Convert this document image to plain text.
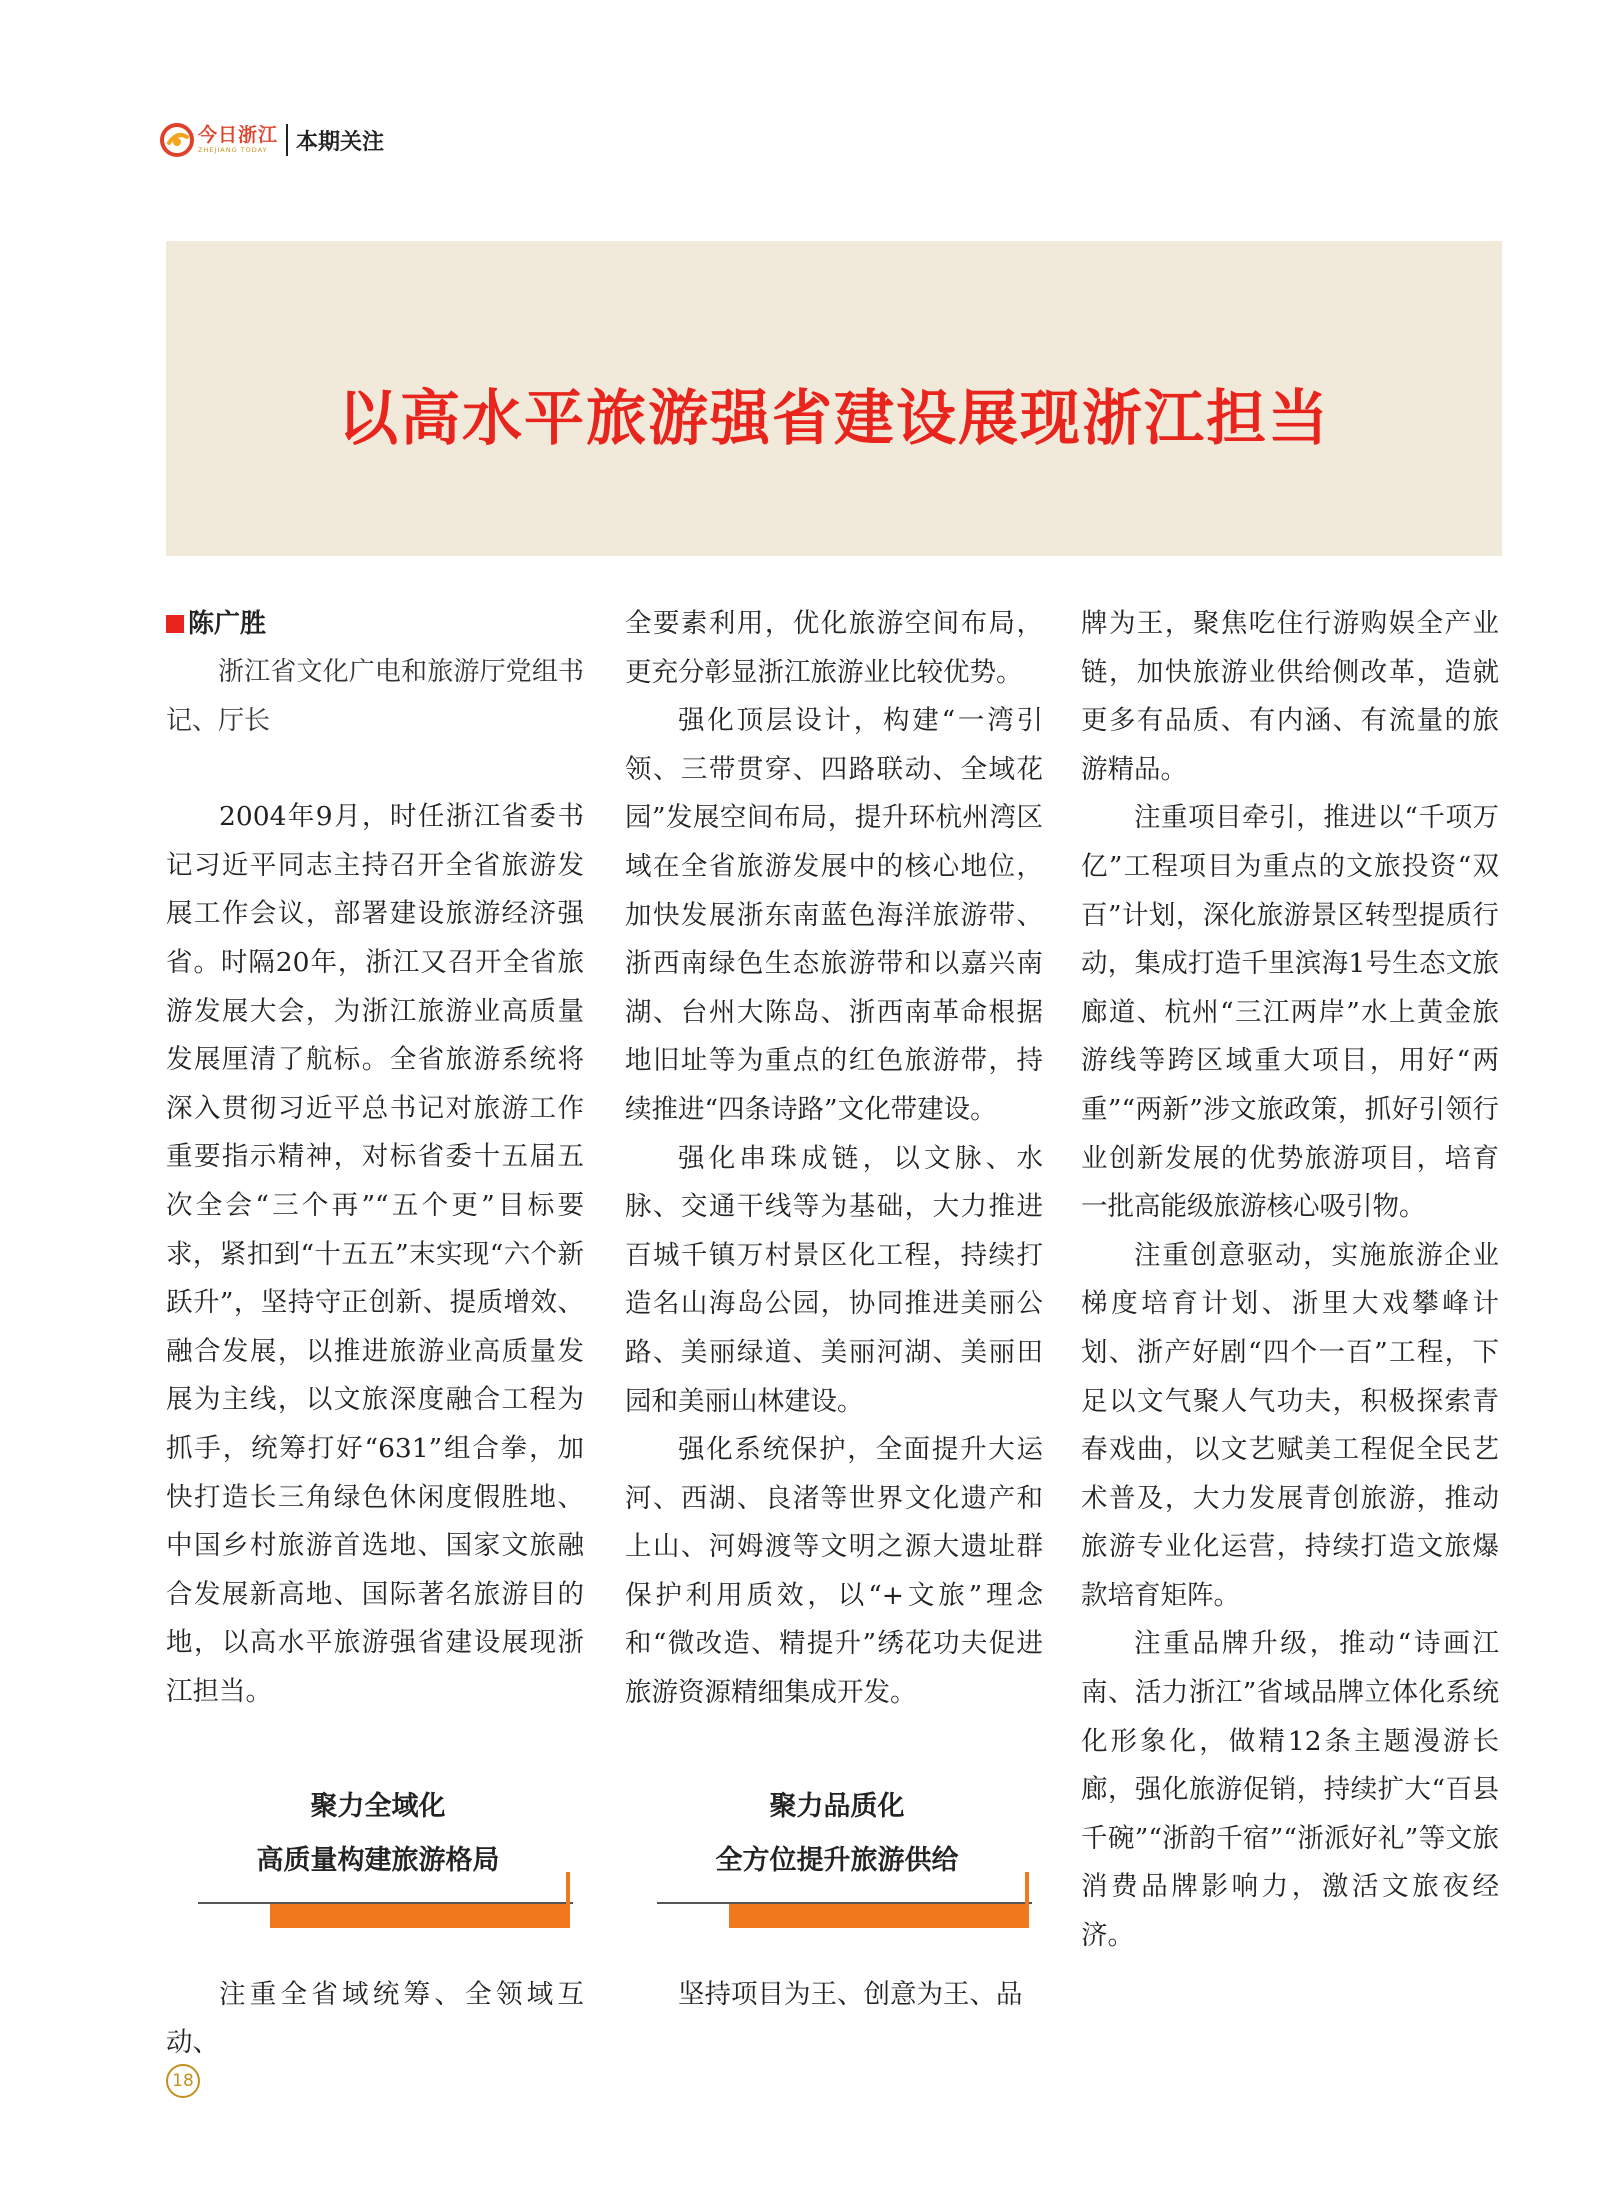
今日浙江
ZHEJIANG TODAY	本期关注
以高水平旅游强省建设展现浙江担当
陈广胜

浙江省文化广电和旅游厅党组书记、厅长

2004年9月，时任浙江省委书记习近平同志主持召开全省旅游发展工作会议，部署建设旅游经济强省。时隔20年，浙江又召开全省旅游发展大会，为浙江旅游业高质量发展厘清了航标。全省旅游系统将深入贯彻习近平总书记对旅游工作重要指示精神，对标省委十五届五次全会“三个再”“五个更”目标要求，紧扣到“十五五”末实现“六个新跃升”，坚持守正创新、提质增效、融合发展，以推进旅游业高质量发展为主线，以文旅深度融合工程为抓手，统筹打好“631”组合拳，加快打造长三角绿色休闲度假胜地、中国乡村旅游首选地、国家文旅融合发展新高地、国际著名旅游目的地，以高水平旅游强省建设展现浙江担当。

全要素利用，优化旅游空间布局，更充分彰显浙江旅游业比较优势。

强化顶层设计，构建“一湾引领、三带贯穿、四路联动、全域花园”发展空间布局，提升环杭州湾区域在全省旅游发展中的核心地位，加快发展浙东南蓝色海洋旅游带、浙西南绿色生态旅游带和以嘉兴南湖、台州大陈岛、浙西南革命根据地旧址等为重点的红色旅游带，持续推进“四条诗路”文化带建设。

强化串珠成链，以文脉、水脉、交通干线等为基础，大力推进百城千镇万村景区化工程，持续打造名山海岛公园，协同推进美丽公路、美丽绿道、美丽河湖、美丽田园和美丽山林建设。

强化系统保护，全面提升大运河、西湖、良渚等世界文化遗产和上山、河姆渡等文明之源大遗址群保护利用质效，以“+文旅”理念和“微改造、精提升”绣花功夫促进旅游资源精细集成开发。

牌为王，聚焦吃住行游购娱全产业链，加快旅游业供给侧改革，造就更多有品质、有内涵、有流量的旅游精品。

注重项目牵引，推进以“千项万亿”工程项目为重点的文旅投资“双百”计划，深化旅游景区转型提质行动，集成打造千里滨海1号生态文旅廊道、杭州“三江两岸”水上黄金旅游线等跨区域重大项目，用好“两重”“两新”涉文旅政策，抓好引领行业创新发展的优势旅游项目，培育一批高能级旅游核心吸引物。

注重创意驱动，实施旅游企业梯度培育计划、浙里大戏攀峰计划、浙产好剧“四个一百”工程，下足以文气聚人气功夫，积极探索青春戏曲，以文艺赋美工程促全民艺术普及，大力发展青创旅游，推动旅游专业化运营，持续打造文旅爆款培育矩阵。

注重品牌升级，推动“诗画江南、活力浙江”省域品牌立体化系统化形象化，做精12条主题漫游长廊，强化旅游促销，持续扩大“百县千碗”“浙韵千宿”“浙派好礼”等文旅消费品牌影响力，激活文旅夜经济。

聚力全域化
高质量构建旅游格局

注重全省域统筹、全领域互动、

聚力品质化
全方位提升旅游供给

坚持项目为王、创意为王、品

18
